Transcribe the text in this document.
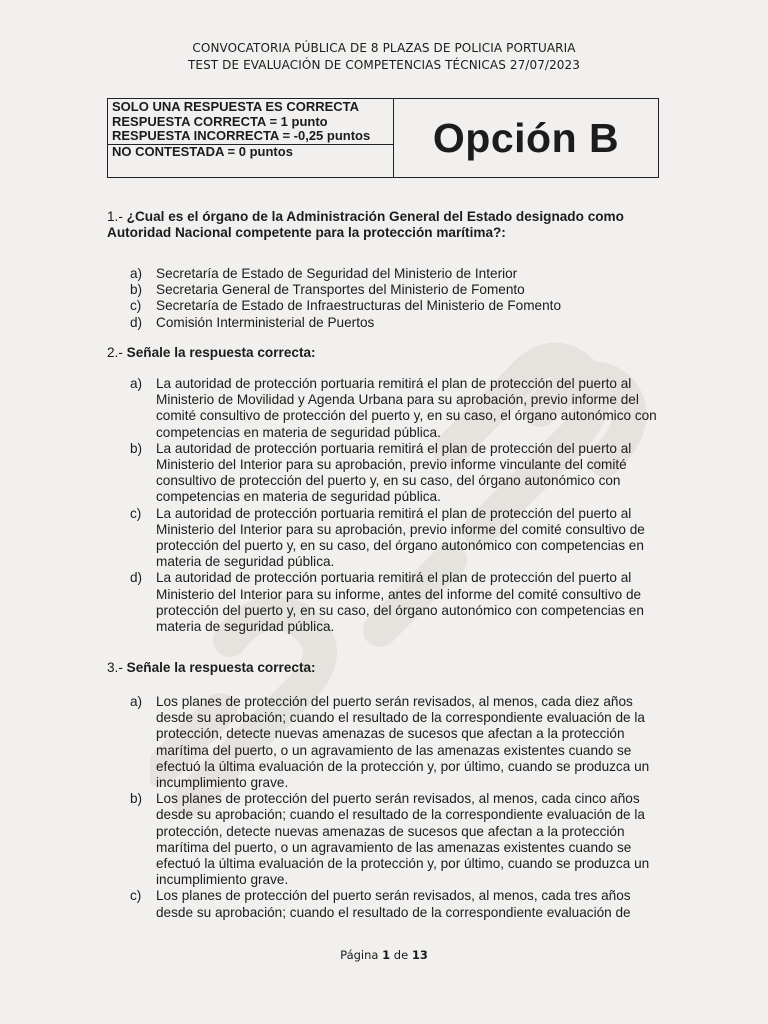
CONVOCATORIA PÚBLICA DE 8 PLAZAS DE POLICIA PORTUARIA
TEST DE EVALUACIÓN DE COMPETENCIAS TÉCNICAS 27/07/2023
SOLO UNA RESPUESTA ES CORRECTA
RESPUESTA CORRECTA = 1 punto
RESPUESTA INCORRECTA = -0,25 puntos
NO CONTESTADA = 0 puntos	Opción B
1.- ¿Cual es el órgano de la Administración General del Estado designado como Autoridad Nacional competente para la protección marítima?:
a)	Secretaría de Estado de Seguridad del Ministerio de Interior
b)	Secretaria General de Transportes del Ministerio de Fomento
c)	Secretaría de Estado de Infraestructuras del Ministerio de Fomento
d)	Comisión Interministerial de Puertos
2.- Señale la respuesta correcta:
a)	La autoridad de protección portuaria remitirá el plan de protección del puerto al Ministerio de Movilidad y Agenda Urbana para su aprobación, previo informe del comité consultivo de protección del puerto y, en su caso, el órgano autonómico con competencias en materia de seguridad pública.
b)	La autoridad de protección portuaria remitirá el plan de protección del puerto al Ministerio del Interior para su aprobación, previo informe vinculante del comité consultivo de protección del puerto y, en su caso, del órgano autonómico con competencias en materia de seguridad pública.
c)	La autoridad de protección portuaria remitirá el plan de protección del puerto al Ministerio del Interior para su aprobación, previo informe del comité consultivo de protección del puerto y, en su caso, del órgano autonómico con competencias en materia de seguridad pública.
d)	La autoridad de protección portuaria remitirá el plan de protección del puerto al Ministerio del Interior para su informe, antes del informe del comité consultivo de protección del puerto y, en su caso, del órgano autonómico con competencias en materia de seguridad pública.
3.- Señale la respuesta correcta:
a)	Los planes de protección del puerto serán revisados, al menos, cada diez años desde su aprobación; cuando el resultado de la correspondiente evaluación de la protección, detecte nuevas amenazas de sucesos que afectan a la protección marítima del puerto, o un agravamiento de las amenazas existentes cuando se efectuó la última evaluación de la protección y, por último, cuando se produzca un incumplimiento grave.
b)	Los planes de protección del puerto serán revisados, al menos, cada cinco años desde su aprobación; cuando el resultado de la correspondiente evaluación de la protección, detecte nuevas amenazas de sucesos que afectan a la protección marítima del puerto, o un agravamiento de las amenazas existentes cuando se efectuó la última evaluación de la protección y, por último, cuando se produzca un incumplimiento grave.
c)	Los planes de protección del puerto serán revisados, al menos, cada tres años desde su aprobación; cuando el resultado de la correspondiente evaluación de
Página 1 de 13
